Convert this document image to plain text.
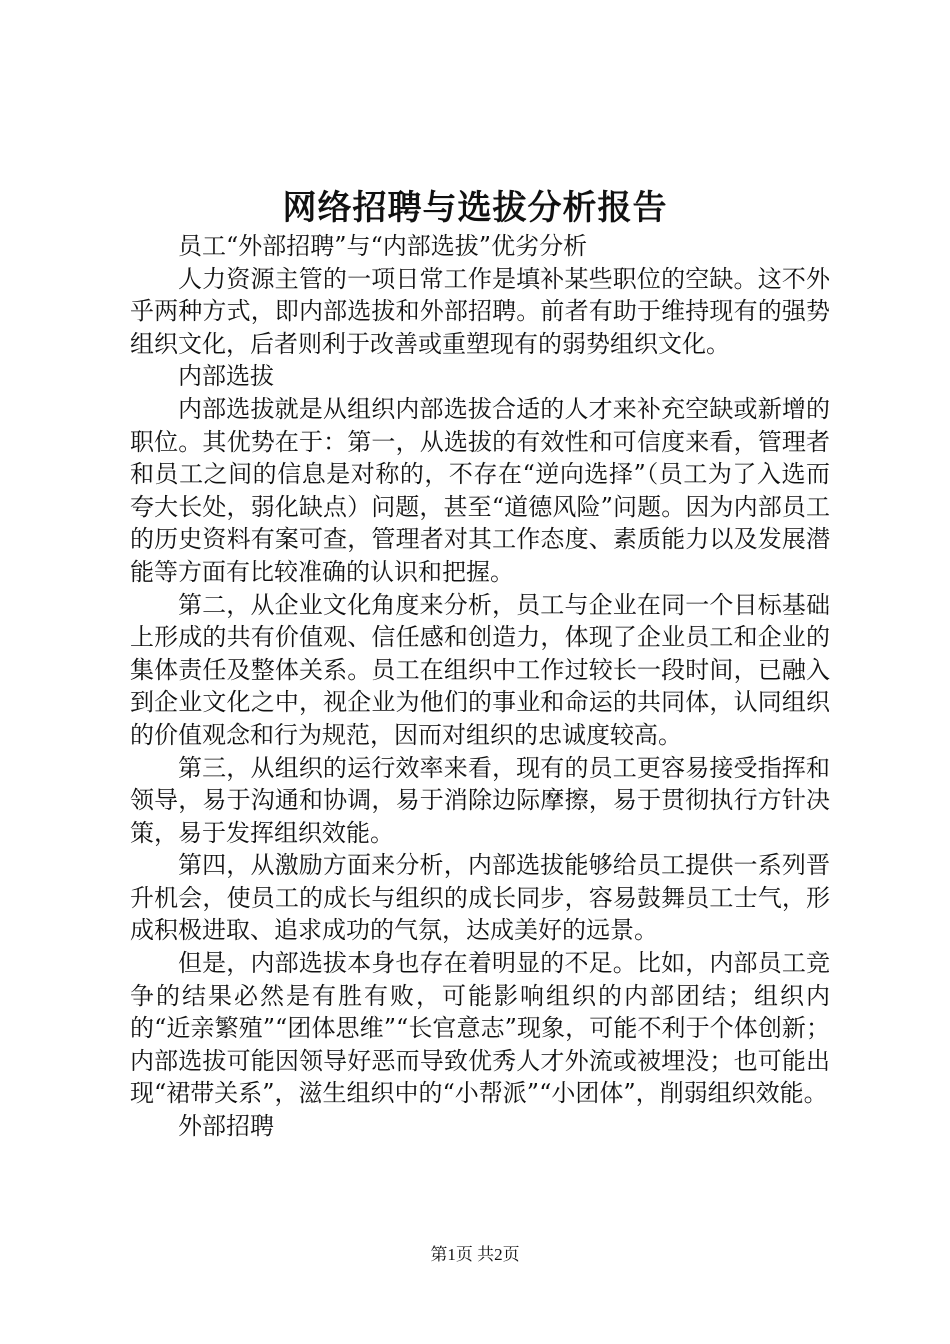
网络招聘与选拔分析报告

员工“外部招聘”与“内部选拔”优劣分析

人力资源主管的一项日常工作是填补某些职位的空缺。这不外乎两种方式，即内部选拔和外部招聘。前者有助于维持现有的强势组织文化，后者则利于改善或重塑现有的弱势组织文化。

内部选拔

内部选拔就是从组织内部选拔合适的人才来补充空缺或新增的职位。其优势在于：第一，从选拔的有效性和可信度来看，管理者和员工之间的信息是对称的，不存在“逆向选择”（员工为了入选而夸大长处，弱化缺点）问题，甚至“道德风险”问题。因为内部员工的历史资料有案可查，管理者对其工作态度、素质能力以及发展潜能等方面有比较准确的认识和把握。

第二，从企业文化角度来分析，员工与企业在同一个目标基础上形成的共有价值观、信任感和创造力，体现了企业员工和企业的集体责任及整体关系。员工在组织中工作过较长一段时间，已融入到企业文化之中，视企业为他们的事业和命运的共同体，认同组织的价值观念和行为规范，因而对组织的忠诚度较高。

第三，从组织的运行效率来看，现有的员工更容易接受指挥和领导，易于沟通和协调，易于消除边际摩擦，易于贯彻执行方针决策，易于发挥组织效能。

第四，从激励方面来分析，内部选拔能够给员工提供一系列晋升机会，使员工的成长与组织的成长同步，容易鼓舞员工士气，形成积极进取、追求成功的气氛，达成美好的远景。

但是，内部选拔本身也存在着明显的不足。比如，内部员工竞争的结果必然是有胜有败，可能影响组织的内部团结；组织内的“近亲繁殖”“团体思维”“长官意志”现象，可能不利于个体创新；内部选拔可能因领导好恶而导致优秀人才外流或被埋没；也可能出现“裙带关系”，滋生组织中的“小帮派”“小团体”，削弱组织效能。

外部招聘

第1页 共2页
